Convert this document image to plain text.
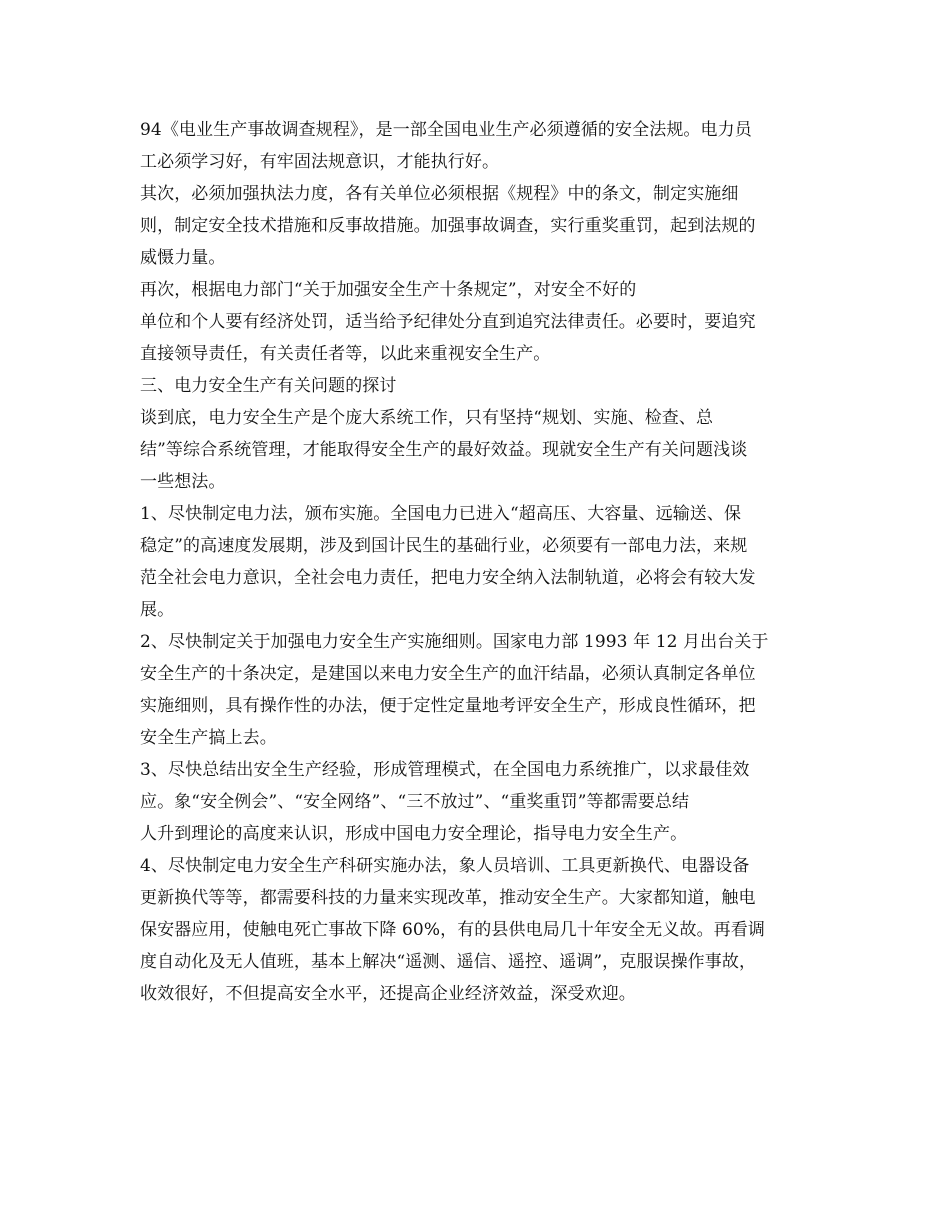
94《电业生产事故调查规程》，是一部全国电业生产必须遵循的安全法规。电力员
工必须学习好，有牢固法规意识，才能执行好。
其次，必须加强执法力度，各有关单位必须根据《规程》中的条文，制定实施细
则，制定安全技术措施和反事故措施。加强事故调查，实行重奖重罚，起到法规的
威慑力量。
再次，根据电力部门“关于加强安全生产十条规定”，对安全不好的
单位和个人要有经济处罚，适当给予纪律处分直到追究法律责任。必要时，要追究
直接领导责任，有关责任者等，以此来重视安全生产。
三、电力安全生产有关问题的探讨
谈到底，电力安全生产是个庞大系统工作，只有坚持“规划、实施、检查、总
结”等综合系统管理，才能取得安全生产的最好效益。现就安全生产有关问题浅谈
一些想法。
1、尽快制定电力法，颁布实施。全国电力已进入“超高压、大容量、远输送、保
稳定”的高速度发展期，涉及到国计民生的基础行业，必须要有一部电力法，来规
范全社会电力意识，全社会电力责任，把电力安全纳入法制轨道，必将会有较大发
展。
2、尽快制定关于加强电力安全生产实施细则。国家电力部 1993 年 12 月出台关于
安全生产的十条决定，是建国以来电力安全生产的血汗结晶，必须认真制定各单位
实施细则，具有操作性的办法，便于定性定量地考评安全生产，形成良性循环，把
安全生产搞上去。
3、尽快总结出安全生产经验，形成管理模式，在全国电力系统推广，以求最佳效
应。象“安全例会”、“安全网络”、“三不放过”、“重奖重罚”等都需要总结
人升到理论的高度来认识，形成中国电力安全理论，指导电力安全生产。
4、尽快制定电力安全生产科研实施办法，象人员培训、工具更新换代、电器设备
更新换代等等，都需要科技的力量来实现改革，推动安全生产。大家都知道，触电
保安器应用，使触电死亡事故下降 60%，有的县供电局几十年安全无义故。再看调
度自动化及无人值班，基本上解决“遥测、遥信、遥控、遥调”，克服误操作事故，
收效很好，不但提高安全水平，还提高企业经济效益，深受欢迎。
